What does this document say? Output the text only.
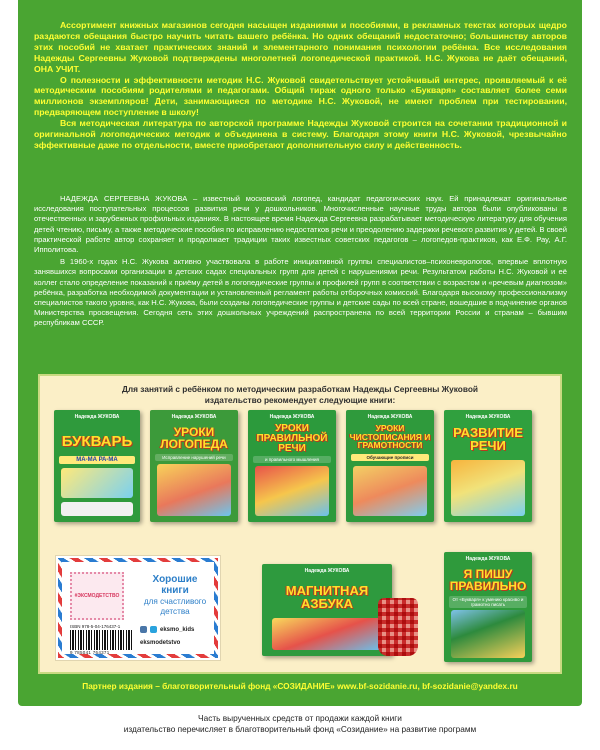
Ассортимент книжных магазинов сегодня насыщен изданиями и пособиями, в рекламных текстах которых щедро раздаются обещания быстро научить читать вашего ребёнка. Но одних обещаний недостаточно; большинству авторов этих пособий не хватает практических знаний и элементарного понимания психологии ребёнка. Все исследования Надежды Сергеевны Жуковой подтверждены многолетней логопедической практикой. Н.С. Жукова не даёт обещаний, ОНА УЧИТ.

О полезности и эффективности методик Н.С. Жуковой свидетельствует устойчивый интерес, проявляемый к её методическим пособиям родителями и педагогами. Общий тираж одного только «Букваря» составляет более семи миллионов экземпляров! Дети, занимающиеся по методике Н.С. Жуковой, не имеют проблем при тестировании, предваряющем поступление в школу!

Вся методическая литература по авторской программе Надежды Жуковой строится на сочетании традиционной и оригинальной логопедических методик и объединена в систему. Благодаря этому книги Н.С. Жуковой, чрезвычайно эффективные даже по отдельности, вместе приобретают дополнительную силу и действенность.

НАДЕЖДА СЕРГЕЕВНА ЖУКОВА – известный московский логопед, кандидат педагогических наук. Ей принадлежат оригинальные исследования поступательных процессов развития речи у дошкольников. Многочисленные научные труды автора были опубликованы в отечественных и зарубежных профильных изданиях. В настоящее время Надежда Сергеевна разрабатывает методическую литературу для обучения детей чтению, письму, а также методические пособия по исправлению недостатков речи и преодолению задержки речевого развития у детей. В своей практической работе автор сохраняет и продолжает традиции таких известных советских педагогов – логопедов-практиков, как Е.Ф. Рау, А.Г. Ипполитова.

В 1960-х годах Н.С. Жукова активно участвовала в работе инициативной группы специалистов–психоневрологов, впервые вплотную занявшихся вопросами организации в детских садах специальных групп для детей с нарушениями речи. Результатом работы Н.С. Жуковой и её коллег стало определение показаний к приёму детей в логопедические группы и профилей групп в соответствии с возрастом и «речевым диагнозом» ребёнка, разработка необходимой документации и установленный регламент работы отборочных комиссий. Благодаря высокому профессионализму специалистов такого уровня, как Н.С. Жукова, были созданы логопедические группы и детские сады по всей стране, вошедшие в подчинение органов Министерства просвещения. Сегодня сеть этих дошкольных учреждений распространена по всей территории России и странам – бывшим республикам СССР.

Для занятий с ребёнком по методическим разработкам Надежды Сергеевны Жуковой
издательство рекомендует следующие книги:
Надежда ЖУКОВА
БУКВАРЬ
МА-МА РА-МА
Надежда ЖУКОВА
УРОКИ ЛОГОПЕДА
Исправление нарушений речи
Надежда ЖУКОВА
УРОКИ ПРАВИЛЬНОЙ РЕЧИ
и правильного мышления
Надежда ЖУКОВА
УРОКИ ЧИСТОПИСАНИЯ И ГРАМОТНОСТИ
Обучающие прописи
Надежда ЖУКОВА
РАЗВИТИЕ РЕЧИ
#ЭКСМОДЕТСТВО
Хорошие
книги
для счастливого
детства
ISBN 978-5-04-176437-1
9 785041 764371
eksmo_kids
eksmodetstvo
Надежда ЖУКОВА
МАГНИТНАЯ АЗБУКА
Надежда ЖУКОВА
Я ПИШУ ПРАВИЛЬНО
От «Букваря» к умению красиво и грамотно писать
Партнер издания – благотворительный фонд «СОЗИДАНИЕ» www.bf-sozidanie.ru, bf-sozidanie@yandex.ru
Часть вырученных средств от продажи каждой книги
издательство перечисляет в благотворительный фонд «Созидание» на развитие программ
